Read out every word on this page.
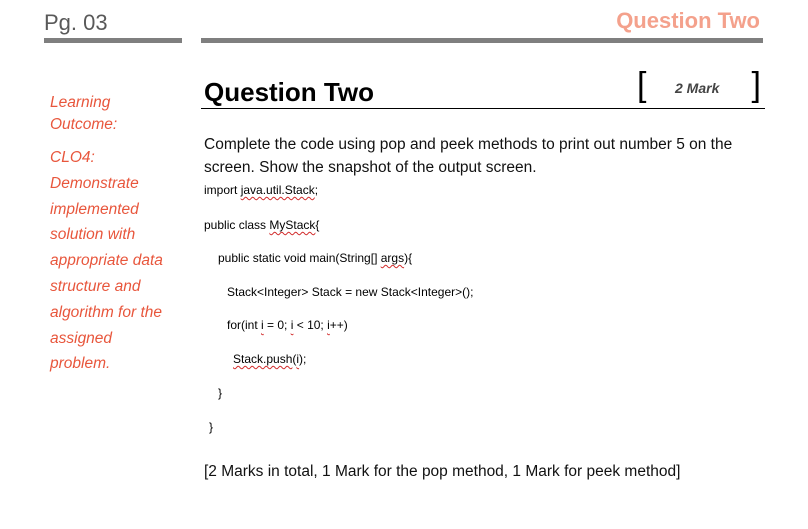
Pg. 03	Question Two
Learning Outcome:
CLO4:
Demonstrate
implemented
solution with
appropriate data
structure and
algorithm for the
assigned
problem.
Question Two	[ 2 Mark ]
Complete the code using pop and peek methods to print out number 5 on the screen. Show the snapshot of the output screen.
import java.util.Stack;
public class MyStack{
public static void main(String[] args){
Stack<Integer> Stack = new Stack<Integer>();
for(int i = 0; i < 10; i++)
Stack.push(i);
}
}
[2 Marks in total, 1 Mark for the pop method, 1 Mark for peek method]
